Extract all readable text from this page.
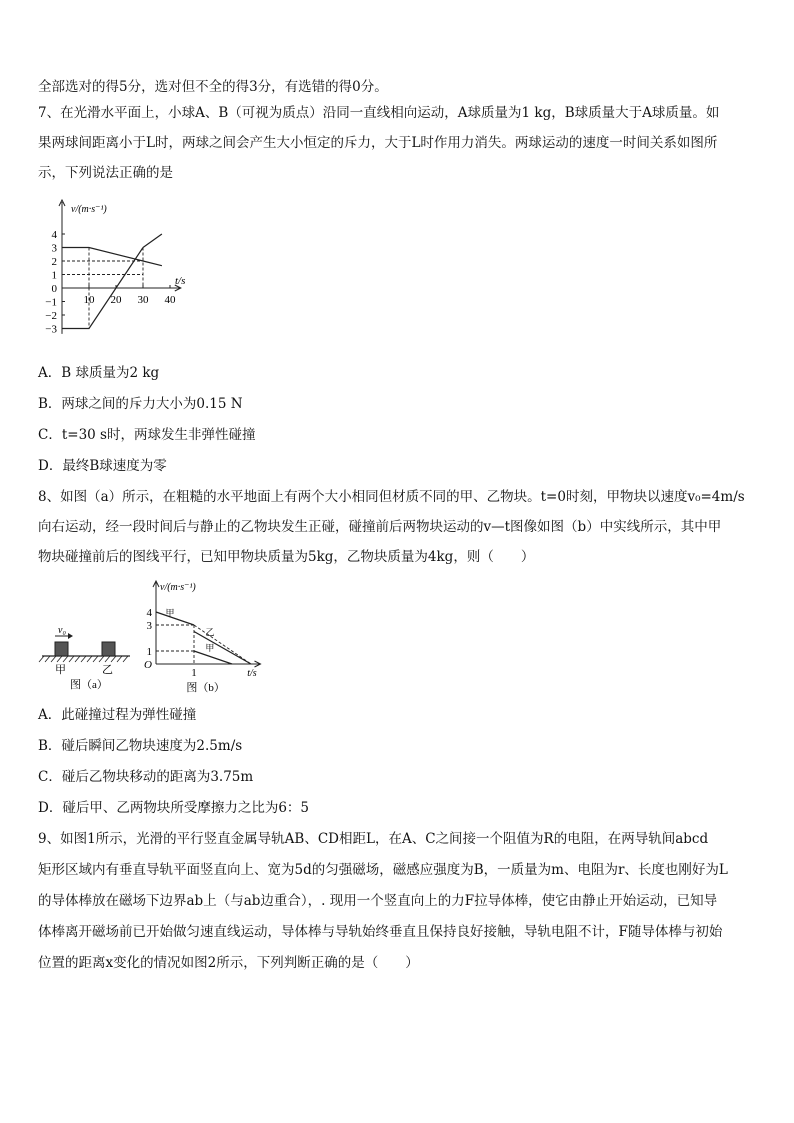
全部选对的得5分，选对但不全的得3分，有选错的得0分。
7、在光滑水平面上，小球A、B（可视为质点）沿同一直线相向运动，A球质量为1 kg，B球质量大于A球质量。如
果两球间距离小于L时，两球之间会产生大小恒定的斥力，大于L时作用力消失。两球运动的速度一时间关系如图所
示，下列说法正确的是
v/(m·s⁻¹)
t/s
4
3
2
1
0
−1
−2
−3
10 20 30 40
A．B 球质量为2 kg
B．两球之间的斥力大小为0.15 N
C．t=30 s时，两球发生非弹性碰撞
D．最终B球速度为零
8、如图（a）所示，在粗糙的水平地面上有两个大小相同但材质不同的甲、乙物块。t=0时刻，甲物块以速度v₀=4m/s
向右运动，经一段时间后与静止的乙物块发生正碰，碰撞前后两物块运动的v—t图像如图（b）中实线所示，其中甲
物块碰撞前后的图线平行，已知甲物块质量为5kg，乙物块质量为4kg，则（　　）
v₀
甲	乙
图（a）
v/(m·s⁻¹)
t/s
O
4
3
1
1
甲
乙
甲
图（b）
A．此碰撞过程为弹性碰撞
B．碰后瞬间乙物块速度为2.5m/s
C．碰后乙物块移动的距离为3.75m
D．碰后甲、乙两物块所受摩擦力之比为6：5
9、如图1所示，光滑的平行竖直金属导轨AB、CD相距L，在A、C之间接一个阻值为R的电阻，在两导轨间abcd
矩形区域内有垂直导轨平面竖直向上、宽为5d的匀强磁场，磁感应强度为B，一质量为m、电阻为r、长度也刚好为L
的导体棒放在磁场下边界ab上（与ab边重合），. 现用一个竖直向上的力F拉导体棒，使它由静止开始运动，已知导
体棒离开磁场前已开始做匀速直线运动，导体棒与导轨始终垂直且保持良好接触，导轨电阻不计，F随导体棒与初始
位置的距离x变化的情况如图2所示，下列判断正确的是（　　）
